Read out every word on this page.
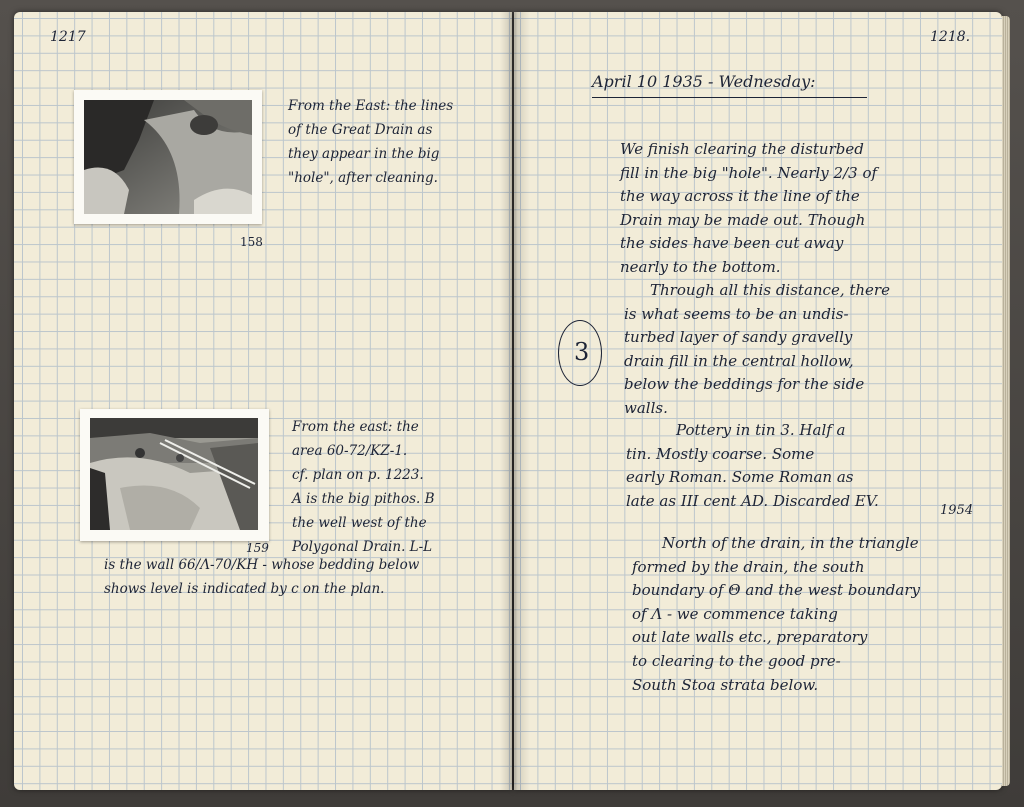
1217
From the East: the lines
of the Great Drain as
they appear in the big
"hole", after cleaning.
158
From the east: the
area 60-72/KZ-1.
cf. plan on p. 1223.
A is the big pithos. B
the well west of the
Polygonal Drain. L-L
159
is the wall 66/Λ-70/KH - whose bedding below
shows level is indicated by c on the plan.
1218.
April 10 1935 - Wednesday:
3
We finish clearing the disturbed
fill in the big "hole". Nearly 2/3 of
the way across it the line of the
Drain may be made out. Though
the sides have been cut away
nearly to the bottom.
Through all this distance, there
is what seems to be an undis-
turbed layer of sandy gravelly
drain fill in the central hollow,
below the beddings for the side
walls.
Pottery in tin 3. Half a
tin. Mostly coarse. Some
early Roman. Some Roman as
late as III cent AD. Discarded EV.
1954
North of the drain, in the triangle
formed by the drain, the south
boundary of Θ and the west boundary
of Λ - we commence taking
out late walls etc., preparatory
to clearing to the good pre-
South Stoa strata below.
